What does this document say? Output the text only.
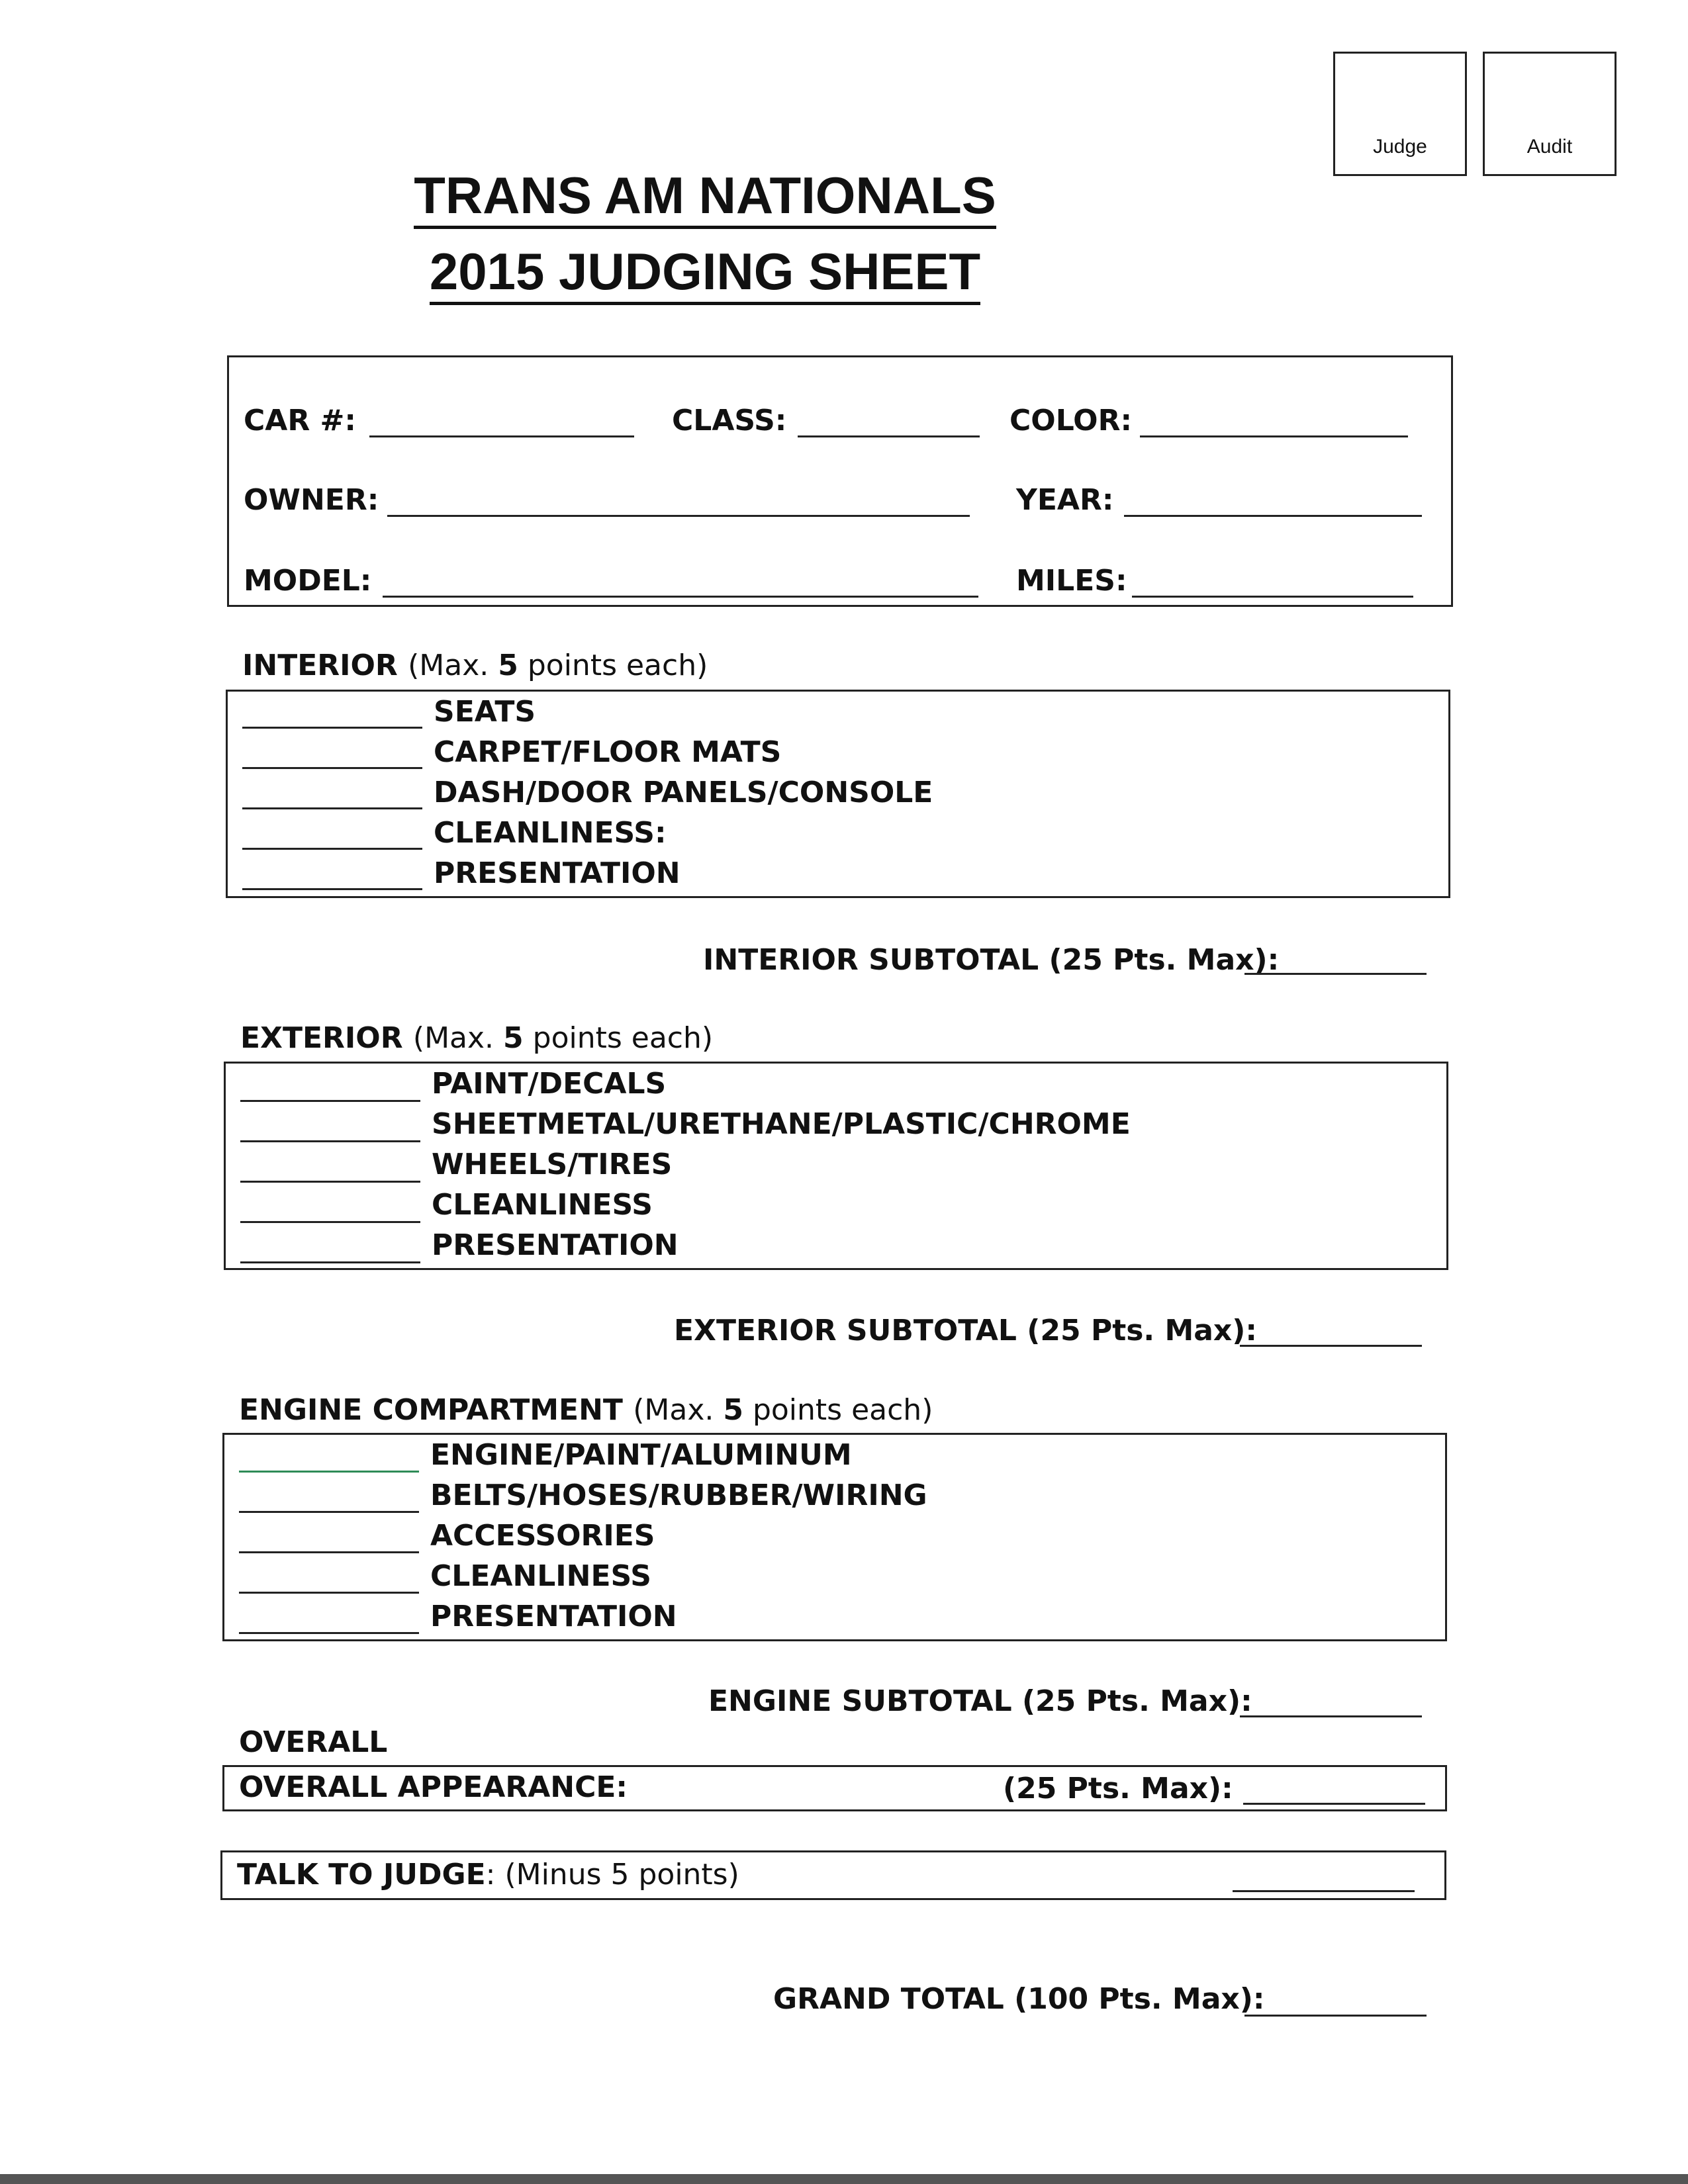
Judge	Audit
TRANS AM NATIONALS
2015 JUDGING SHEET
CAR #:	CLASS:	COLOR:
OWNER:	YEAR:
MODEL:	MILES:
INTERIOR (Max. 5 points each)
SEATS
CARPET/FLOOR MATS
DASH/DOOR PANELS/CONSOLE
CLEANLINESS:
PRESENTATION
INTERIOR SUBTOTAL (25 Pts. Max):
EXTERIOR (Max. 5 points each)
PAINT/DECALS
SHEETMETAL/URETHANE/PLASTIC/CHROME
WHEELS/TIRES
CLEANLINESS
PRESENTATION
EXTERIOR SUBTOTAL (25 Pts. Max):
ENGINE COMPARTMENT (Max. 5 points each)
ENGINE/PAINT/ALUMINUM
BELTS/HOSES/RUBBER/WIRING
ACCESSORIES
CLEANLINESS
PRESENTATION
ENGINE SUBTOTAL (25 Pts. Max):
OVERALL
OVERALL APPEARANCE:	(25 Pts. Max):
TALK TO JUDGE: (Minus 5 points)
GRAND TOTAL (100 Pts. Max):
